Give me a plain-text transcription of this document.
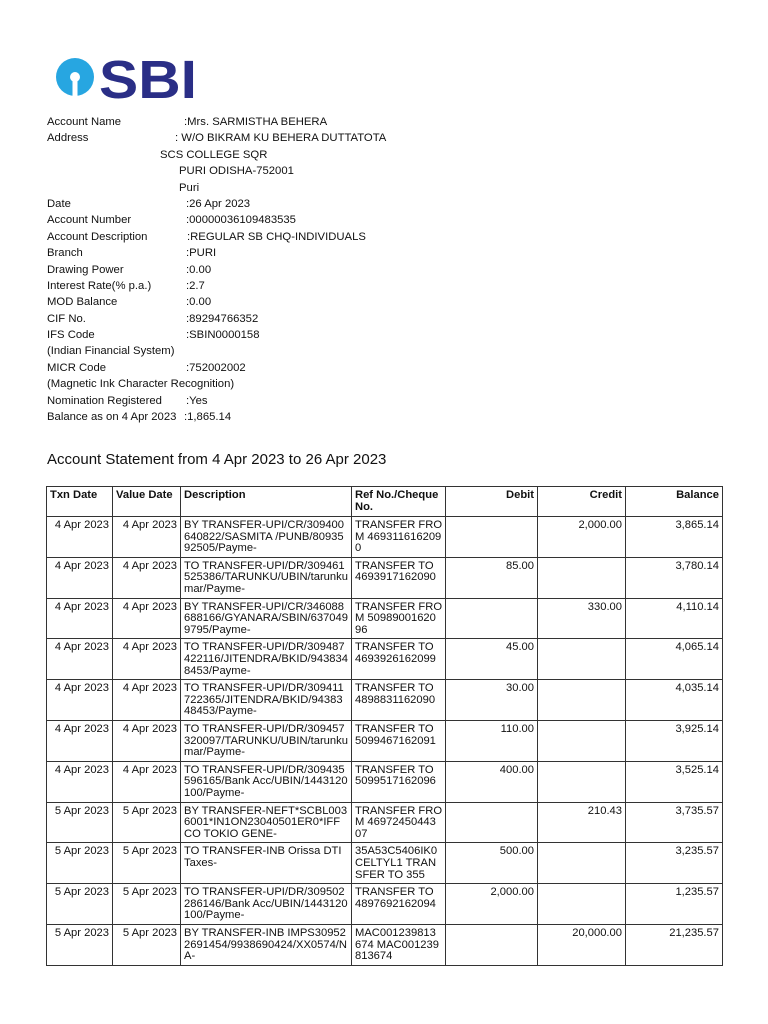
SBI
Account Name	:Mrs. SARMISTHA BEHERA
Address	: W/O BIKRAM KU BEHERA DUTTATOTA
SCS COLLEGE SQR
PURI ODISHA-752001
Puri
Date	:26 Apr 2023
Account Number	:00000036109483535
Account Description	:REGULAR SB CHQ-INDIVIDUALS
Branch	:PURI
Drawing Power	:0.00
Interest Rate(% p.a.)	:2.7
MOD Balance	:0.00
CIF No.	:89294766352
IFS Code	:SBIN0000158
(Indian Financial System)
MICR Code	:752002002
(Magnetic Ink Character Recognition)
Nomination Registered :Yes
Balance as on 4 Apr 2023 :1,865.14
Account Statement from 4 Apr 2023 to 26 Apr 2023
Txn Date	Value Date	Description	Ref No./Cheque No.	Debit	Credit	Balance
4 Apr 2023	4 Apr 2023	BY TRANSFER-UPI/CR/309400640822/SASMITA /PUNB/8093592505/Payme-	TRANSFER FROM 4693116162090		2,000.00	3,865.14
4 Apr 2023	4 Apr 2023	TO TRANSFER-UPI/DR/309461525386/TARUNKU/UBIN/tarunkumar/Payme-	TRANSFER TO 4693917162090	85.00		3,780.14
4 Apr 2023	4 Apr 2023	BY TRANSFER-UPI/CR/346088688166/GYANARA/SBIN/6370499795/Payme-	TRANSFER FROM 5098900162096		330.00	4,110.14
4 Apr 2023	4 Apr 2023	TO TRANSFER-UPI/DR/309487422116/JITENDRA/BKID/9438348453/Payme-	TRANSFER TO 4693926162099	45.00		4,065.14
4 Apr 2023	4 Apr 2023	TO TRANSFER-UPI/DR/309411722365/JITENDRA/BKID/9438348453/Payme-	TRANSFER TO 4898831162090	30.00		4,035.14
4 Apr 2023	4 Apr 2023	TO TRANSFER-UPI/DR/309457320097/TARUNKU/UBIN/tarunkumar/Payme-	TRANSFER TO 5099467162091	110.00		3,925.14
4 Apr 2023	4 Apr 2023	TO TRANSFER-UPI/DR/309435596165/Bank Acc/UBIN/1443120100/Payme-	TRANSFER TO 5099517162096	400.00		3,525.14
5 Apr 2023	5 Apr 2023	BY TRANSFER-NEFT*SCBL0036001*IN1ON23040501ER0*IFFCO TOKIO GENE-	TRANSFER FROM 4697245044307		210.43	3,735.57
5 Apr 2023	5 Apr 2023	TO TRANSFER-INB Orissa DTI Taxes-	35A53C5406IK0CELTYL1 TRANSFER TO 355	500.00		3,235.57
5 Apr 2023	5 Apr 2023	TO TRANSFER-UPI/DR/309502286146/Bank Acc/UBIN/1443120100/Payme-	TRANSFER TO 4897692162094	2,000.00		1,235.57
5 Apr 2023	5 Apr 2023	BY TRANSFER-INB IMPS309522691454/9938690424/XX0574/NA-	MAC001239813674 MAC001239813674		20,000.00	21,235.57
